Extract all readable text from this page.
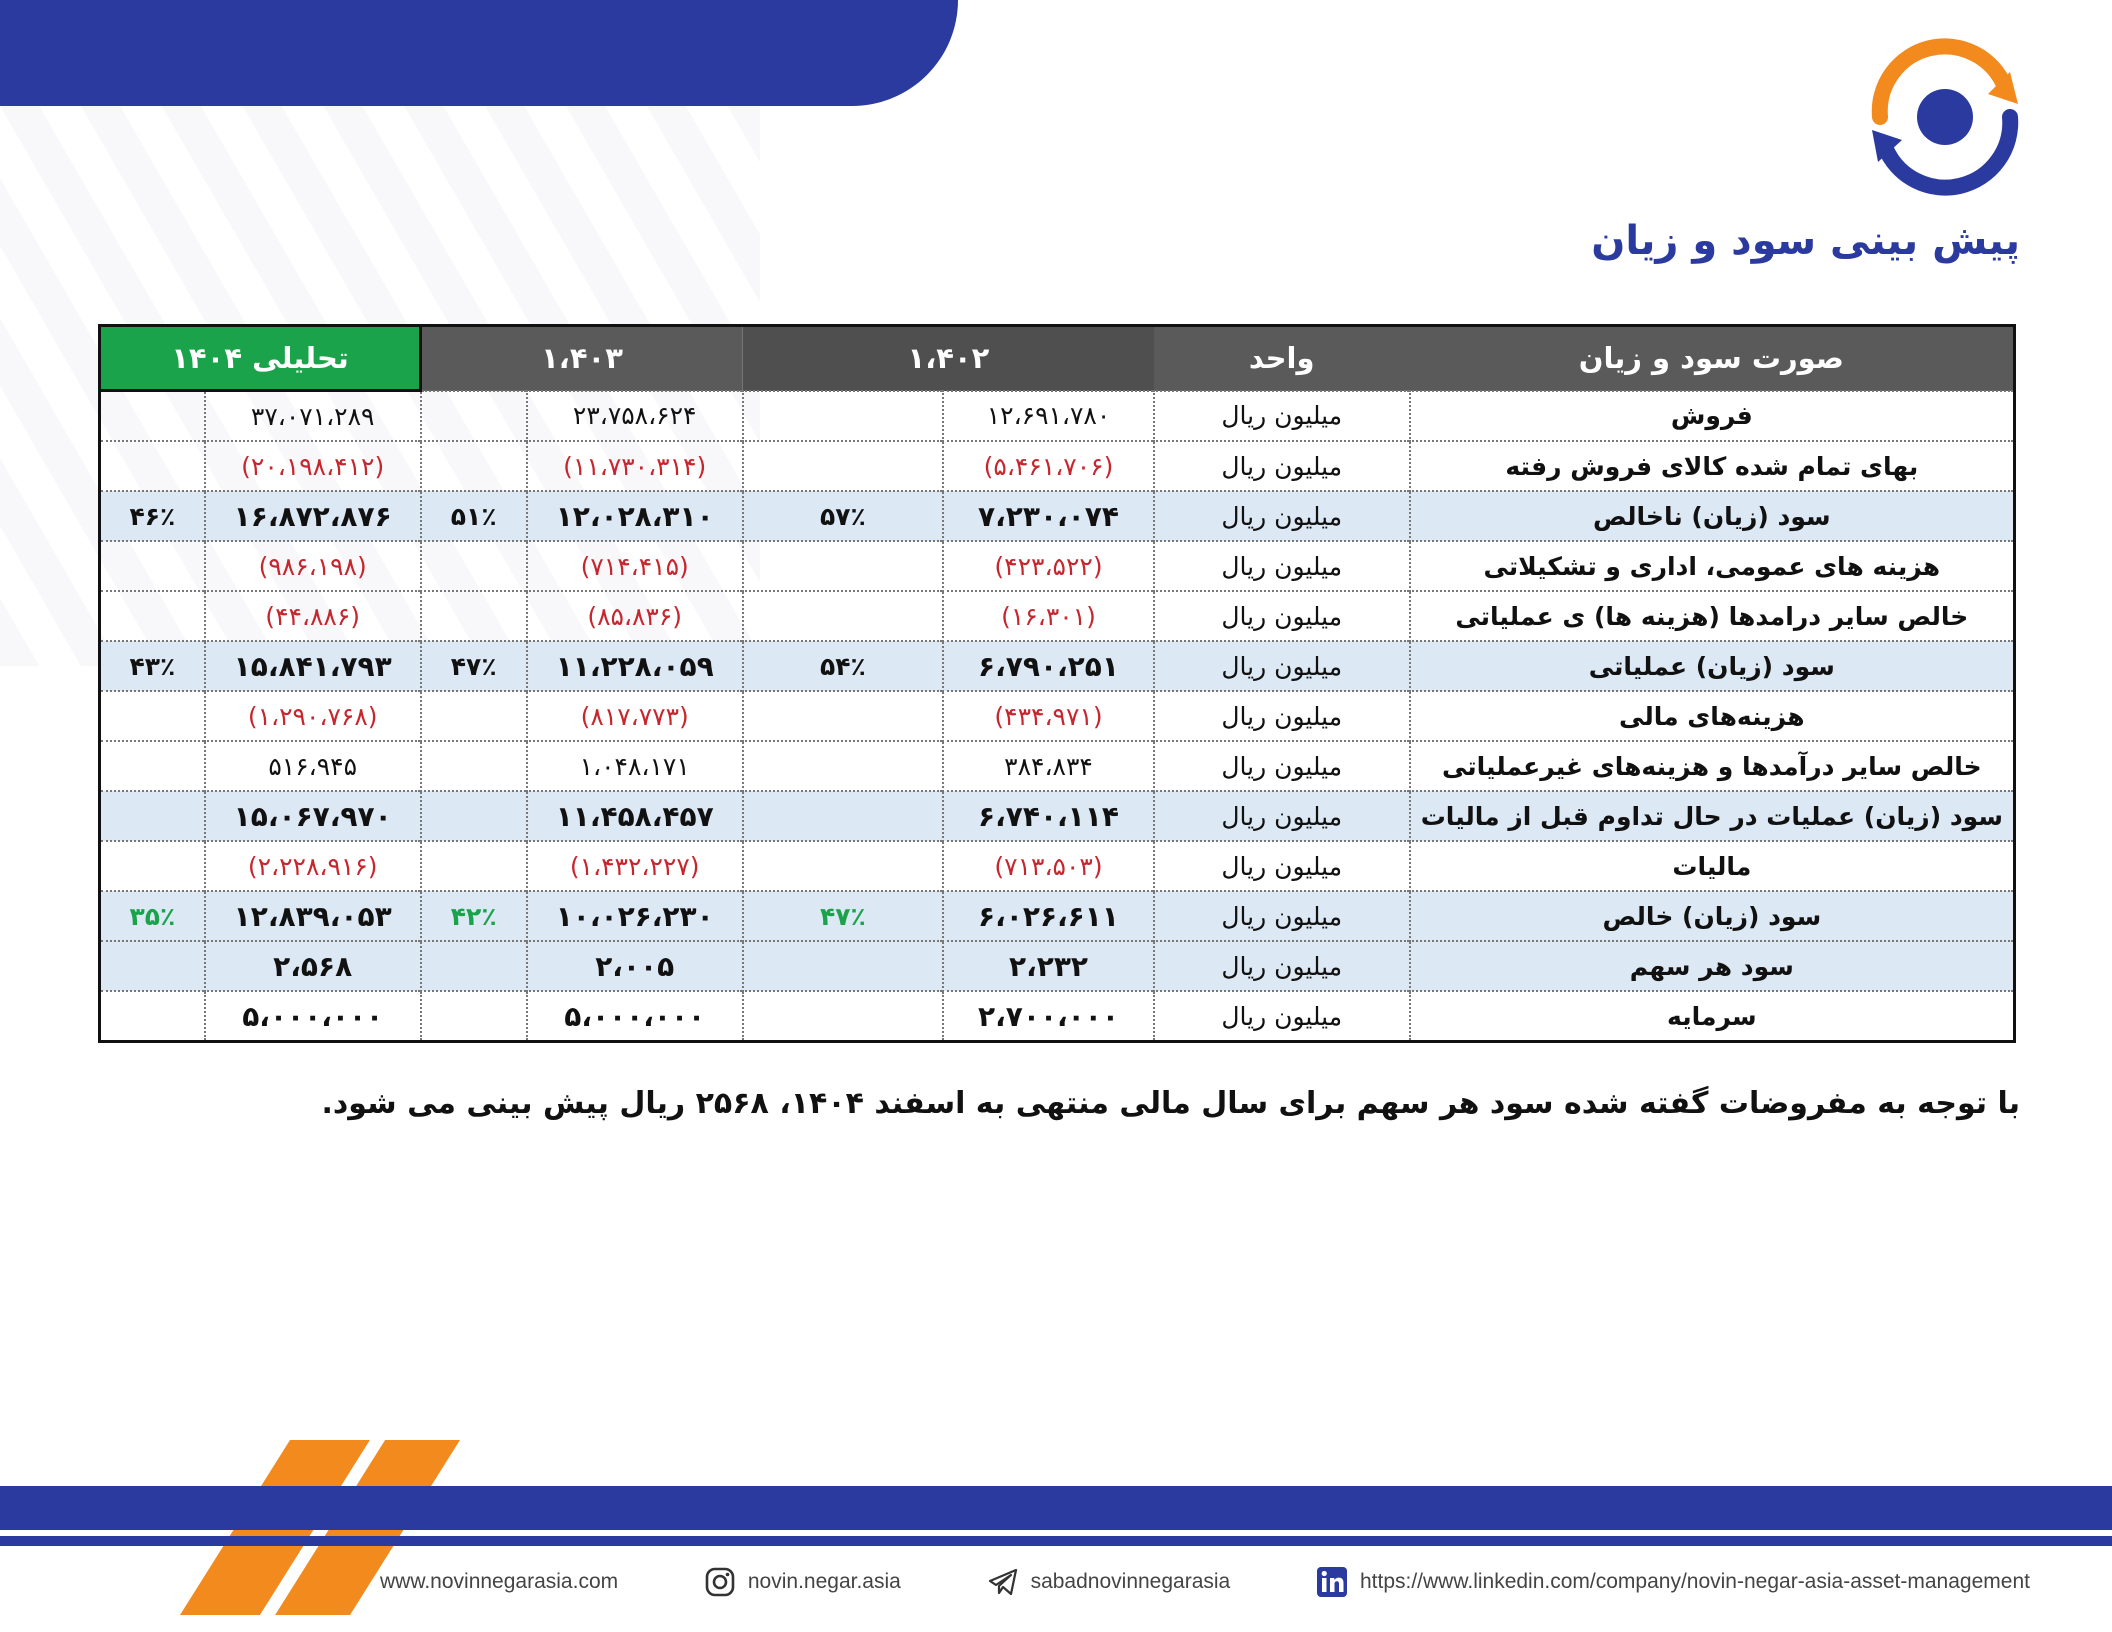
پیش بینی سود و زیان
صورت سود و زیان	واحد	۱،۴۰۲		۱،۴۰۳		تحلیلی ۱۴۰۴	
فروش	میلیون ریال	۱۲،۶۹۱،۷۸۰		۲۳،۷۵۸،۶۲۴		۳۷،۰۷۱،۲۸۹	
بهای تمام شده کالای فروش رفته	میلیون ریال	(۵،۴۶۱،۷۰۶)		(۱۱،۷۳۰،۳۱۴)		(۲۰،۱۹۸،۴۱۲)	
سود (زیان) ناخالص	میلیون ریال	۷،۲۳۰،۰۷۴	۵۷٪	۱۲،۰۲۸،۳۱۰	۵۱٪	۱۶،۸۷۲،۸۷۶	۴۶٪
هزینه های عمومی، اداری و تشکیلاتی	میلیون ریال	(۴۲۳،۵۲۲)		(۷۱۴،۴۱۵)		(۹۸۶،۱۹۸)	
خالص سایر درامدها (هزینه ها) ی عملیاتی	میلیون ریال	(۱۶،۳۰۱)		(۸۵،۸۳۶)		(۴۴،۸۸۶)	
سود (زیان) عملیاتی	میلیون ریال	۶،۷۹۰،۲۵۱	۵۴٪	۱۱،۲۲۸،۰۵۹	۴۷٪	۱۵،۸۴۱،۷۹۳	۴۳٪
هزینه‌های مالی	میلیون ریال	(۴۳۴،۹۷۱)		(۸۱۷،۷۷۳)		(۱،۲۹۰،۷۶۸)	
خالص سایر درآمدها و هزینه‌های غیرعملیاتی	میلیون ریال	۳۸۴،۸۳۴		۱،۰۴۸،۱۷۱		۵۱۶،۹۴۵	
سود (زیان) عملیات در حال تداوم قبل از مالیات	میلیون ریال	۶،۷۴۰،۱۱۴		۱۱،۴۵۸،۴۵۷		۱۵،۰۶۷،۹۷۰	
مالیات	میلیون ریال	(۷۱۳،۵۰۳)		(۱،۴۳۲،۲۲۷)		(۲،۲۲۸،۹۱۶)	
سود (زیان) خالص	میلیون ریال	۶،۰۲۶،۶۱۱	۴۷٪	۱۰،۰۲۶،۲۳۰	۴۲٪	۱۲،۸۳۹،۰۵۳	۳۵٪
سود هر سهم	میلیون ریال	۲،۲۳۲		۲،۰۰۵		۲،۵۶۸	
سرمایه	میلیون ریال	۲،۷۰۰،۰۰۰		۵،۰۰۰،۰۰۰		۵،۰۰۰،۰۰۰	

با توجه به مفروضات گفته شده سود هر سهم برای سال مالی منتهی به اسفند ۱۴۰۴، ۲۵۶۸ ریال پیش بینی می شود.

www.novinnegarasia.com	novin.negar.asia	sabadnovinnegarasia	https://www.linkedin.com/company/novin-negar-asia-asset-management
